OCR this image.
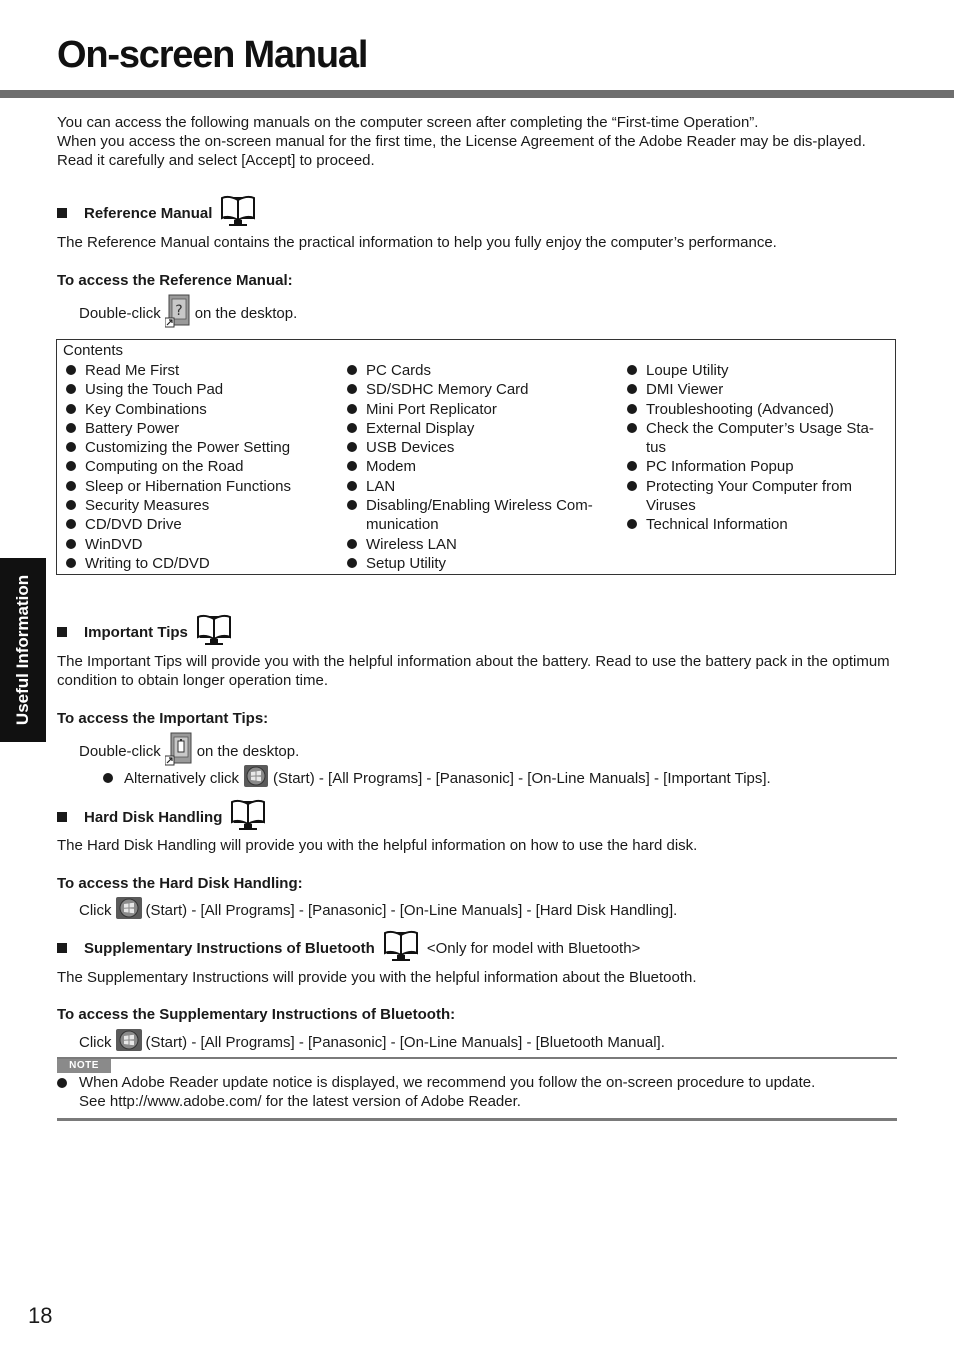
On-screen Manual

You can access the following manuals on the computer screen after completing the “First-time Operation”.
When you access the on-screen manual for the first time, the License Agreement of the Adobe Reader may be dis-played. Read it carefully and select [Accept] to proceed.

Reference Manual

The Reference Manual contains the practical information to help you fully enjoy the computer’s performance.

To access the Reference Manual:
Double-click ? on the desktop.
Contents
Read Me First
Using the Touch Pad
Key Combinations
Battery Power
Customizing the Power Setting
Computing on the Road
Sleep or Hibernation Functions
Security Measures
CD/DVD Drive
WinDVD
Writing to CD/DVD
PC Cards
SD/SDHC Memory Card
Mini Port Replicator
External Display
USB Devices
Modem
LAN
Disabling/Enabling Wireless Com-munication
Wireless LAN
Setup Utility
Loupe Utility
DMI Viewer
Troubleshooting (Advanced)
Check the Computer’s Usage Sta-tus
PC Information Popup
Protecting Your Computer from Viruses
Technical Information
Useful Information	Important Tips

The Important Tips will provide you with the helpful information about the battery. Read to use the battery pack in the optimum condition to obtain longer operation time.

To access the Important Tips:
Double-click on the desktop.
Alternatively click (Start) - [All Programs] - [Panasonic] - [On-Line Manuals] - [Important Tips].
Hard Disk Handling

The Hard Disk Handling will provide you with the helpful information on how to use the hard disk.

To access the Hard Disk Handling:
Click (Start) - [All Programs] - [Panasonic] - [On-Line Manuals] - [Hard Disk Handling].
Supplementary Instructions of Bluetooth	<Only for model with Bluetooth>

The Supplementary Instructions will provide you with the helpful information about the Bluetooth.

To access the Supplementary Instructions of Bluetooth:
Click (Start) - [All Programs] - [Panasonic] - [On-Line Manuals] - [Bluetooth Manual].
NOTE

When Adobe Reader update notice is displayed, we recommend you follow the on-screen procedure to update.
See http://www.adobe.com/ for the latest version of Adobe Reader.

18
